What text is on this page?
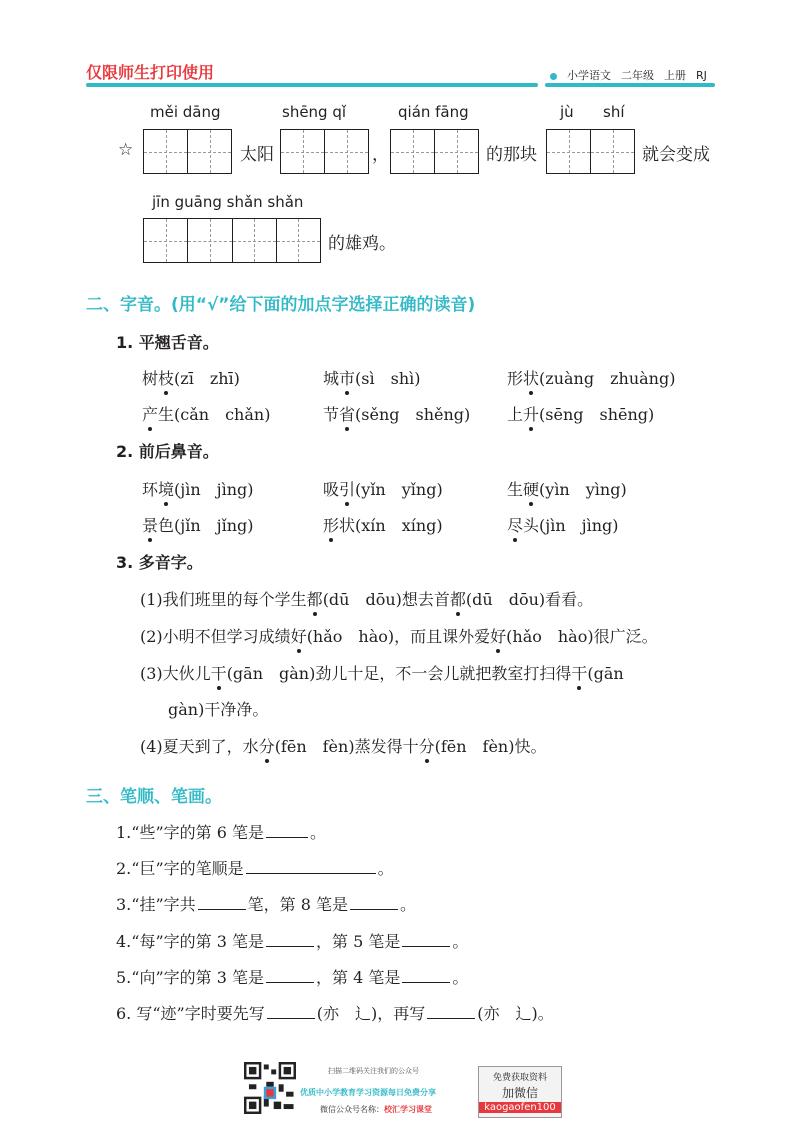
仅限师生打印使用	小学语文 二年级 上册 RJ
měi dāng	shēng qǐ	qián fāng	jù shí
☆	太阳	，	的那块	就会变成
jīn guāng shǎn shǎn
的雄鸡。
二、字音。(用“√”给下面的加点字选择正确的读音)
1. 平翘舌音。
树枝(zī　zhī)	城市(sì　shì)	形状(zuàng　zhuàng)
产生(cǎn　chǎn)	节省(sěng　shěng) 上升(sēng　shēng)
2. 前后鼻音。
环境(jìn　jìng)	吸引(yǐn　yǐng)	生硬(yìn　yìng)
景色(jǐn　jǐng)	形状(xín　xíng)	尽头(jìn　jìng)
3. 多音字。
(1)我们班里的每个学生都(dū　dōu)想去首都(dū　dōu)看看。
(2)小明不但学习成绩好(hǎo　hào)，而且课外爱好(hǎo　hào)很广泛。
(3)大伙儿干(gān　gàn)劲儿十足，不一会儿就把教室打扫得干(gān
gàn)干净净。
(4)夏天到了，水分(fēn　fèn)蒸发得十分(fēn　fèn)快。
三、笔顺、笔画。
1.“些”字的第 6 笔是	。
2.“巨”字的笔顺是	。
3.“挂”字共	笔，第 8 笔是	。
4.“每”字的第 3 笔是	，第 5 笔是	。
5.“向”字的第 3 笔是	，第 4 笔是	。
6. 写“迹”字时要先写	(亦　辶)，再写	(亦　辶)。
扫描二维码关注我们的公众号
优质中小学教育学习资源每日免费分享
微信公众号名称：校汇学习课堂
免费获取资料
加微信
kaogaofen100
